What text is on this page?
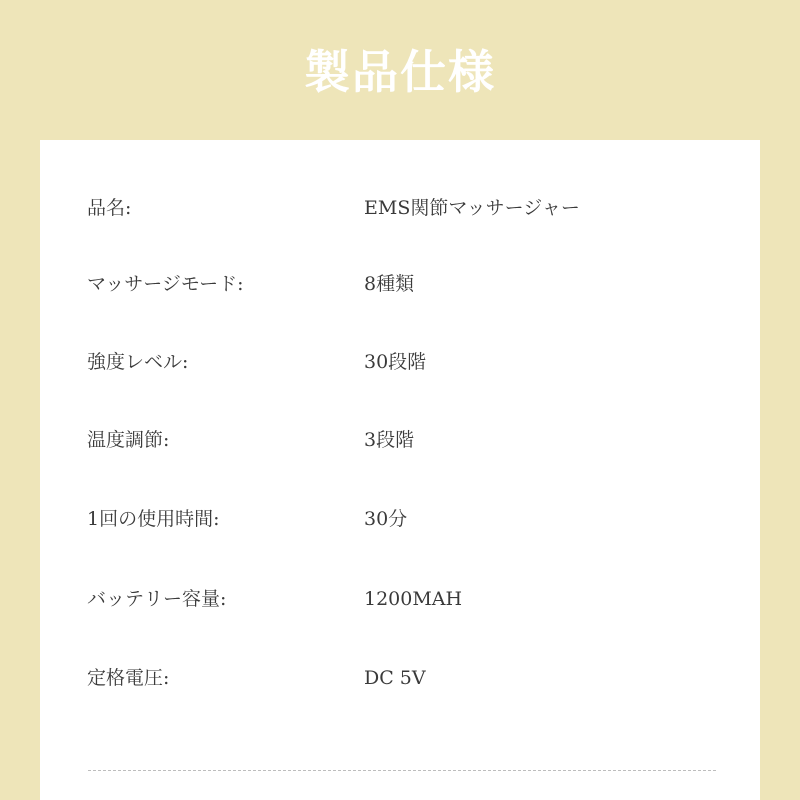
製品仕様
品名:	EMS関節マッサージャー
マッサージモード:	8種類
強度レベル:	30段階
温度調節:	3段階
1回の使用時間:	30分
バッテリー容量:	1200MAH
定格電圧:	DC 5V
